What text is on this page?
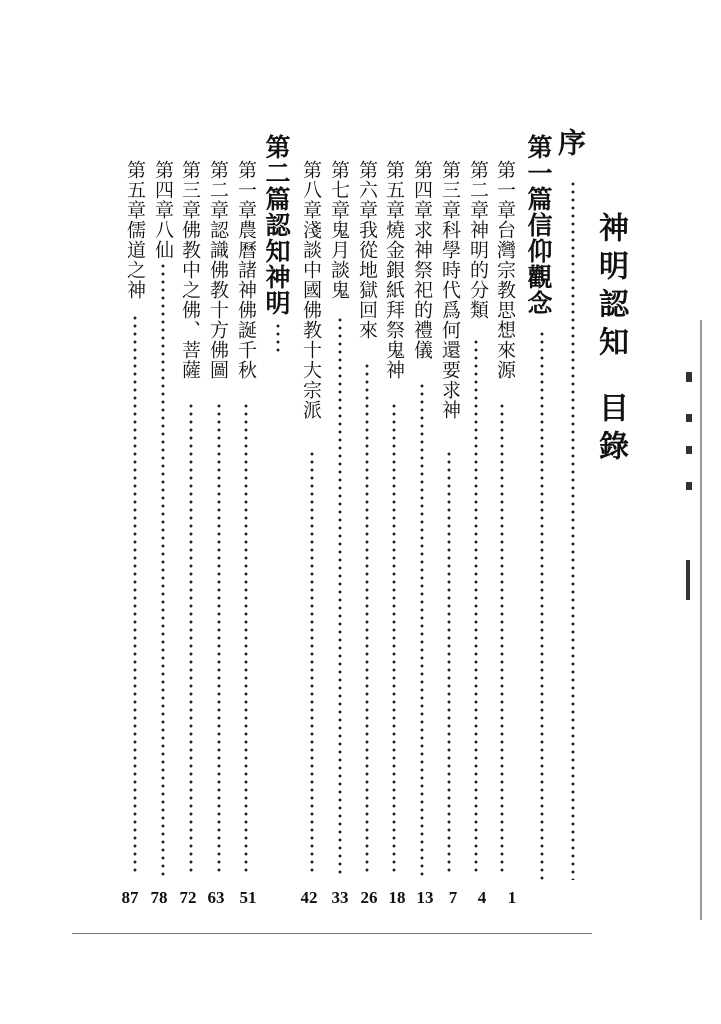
神明認知目錄
序
1
第一篇信仰觀念
第一章台灣宗教思想來源
4
第二章神明的分類
7
第三章科學時代爲何還要求神
13
第四章求神祭祀的禮儀
18
第五章燒金銀紙拜祭鬼神
26
第六章我從地獄回來
33
第七章鬼月談鬼
42
第八章淺談中國佛教十大宗派
第二篇認知神明
第一章農曆諸神佛誕千秋
51
第二章認識佛教十方佛圖
63
第三章佛教中之佛、菩薩
72
第四章八仙
78
第五章儒道之神
87
